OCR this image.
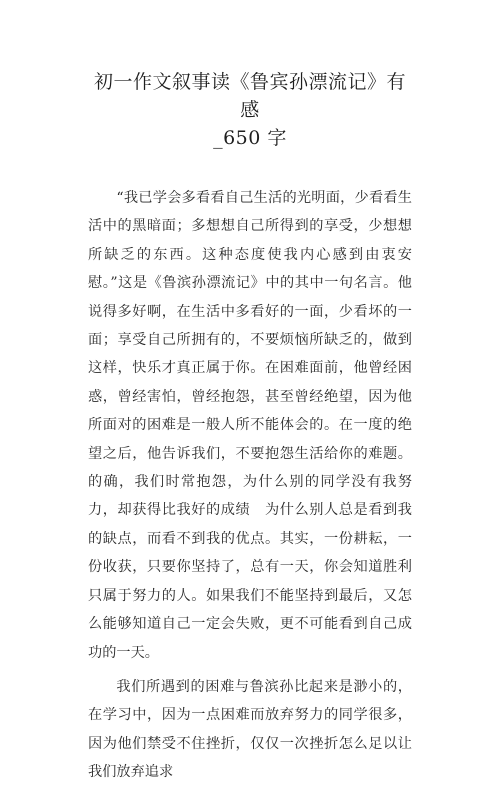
初一作文叙事读《鲁宾孙漂流记》有感
_650 字

“我已学会多看看自己生活的光明面，少看看生活中的黑暗面；多想想自己所得到的享受，少想想所缺乏的东西。这种态度使我内心感到由衷安慰。”这是《鲁滨孙漂流记》中的其中一句名言。他说得多好啊，在生活中多看好的一面，少看坏的一面；享受自己所拥有的，不要烦恼所缺乏的，做到这样，快乐才真正属于你。在困难面前，他曾经困惑，曾经害怕，曾经抱怨，甚至曾经绝望，因为他所面对的困难是一般人所不能体会的。在一度的绝望之后，他告诉我们，不要抱怨生活给你的难题。的确，我们时常抱怨，为什么别的同学没有我努力，却获得比我好的成绩　为什么别人总是看到我的缺点，而看不到我的优点。其实，一份耕耘，一份收获，只要你坚持了，总有一天，你会知道胜利只属于努力的人。如果我们不能坚持到最后，又怎么能够知道自己一定会失败，更不可能看到自己成功的一天。

我们所遇到的困难与鲁滨孙比起来是渺小的，在学习中，因为一点困难而放弃努力的同学很多，因为他们禁受不住挫折，仅仅一次挫折怎么足以让我们放弃追求
